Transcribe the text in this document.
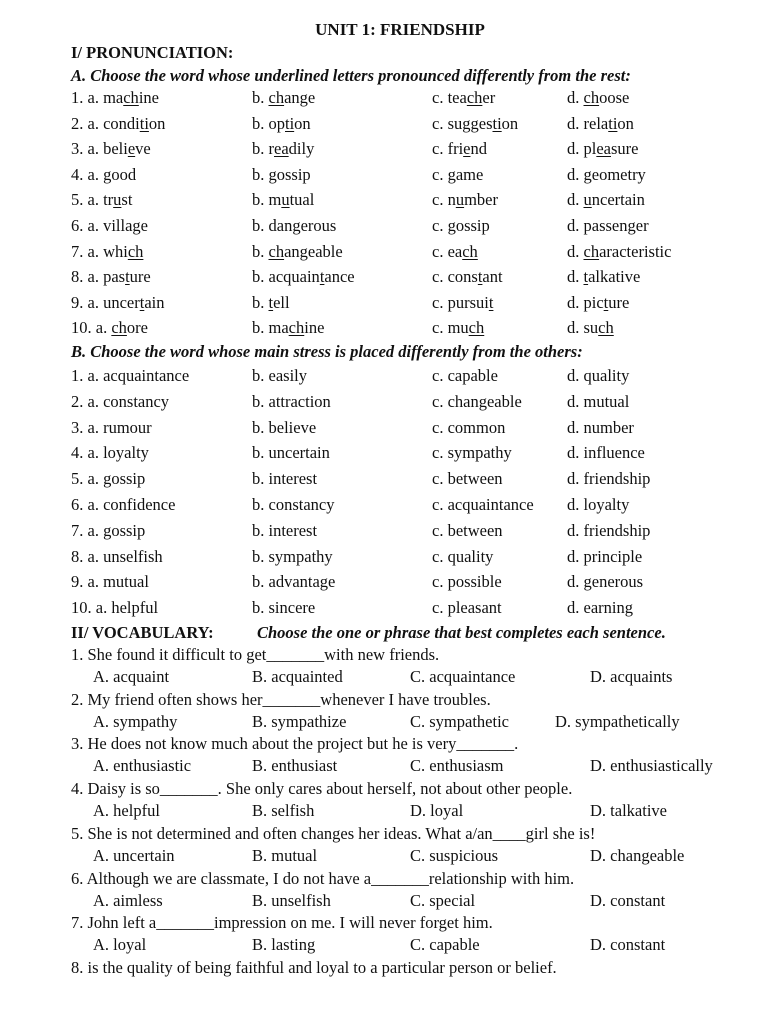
UNIT 1: FRIENDSHIP
I/ PRONUNCIATION:
A. Choose the word whose underlined letters pronounced differently from the rest:
1. a. machine	b. change	c. teacher	d. choose
2. a. condition	b. option	c. suggestion	d. relation
3. a. believe	b. readily	c. friend	d. pleasure
4. a. good	b. gossip	c. game	d. geometry
5. a. trust	b. mutual	c. number	d. uncertain
6. a. village	b. dangerous	c. gossip	d. passenger
7. a. which	b. changeable	c. each	d. characteristic
8. a. pasture	b. acquaintance	c. constant	d. talkative
9. a. uncertain	b. tell	c. pursuit	d. picture
10. a. chore	b. machine	c. much	d. such
B. Choose the word whose main stress is placed differently from the others:
1. a. acquaintance	b. easily	c. capable	d. quality
2. a. constancy	b. attraction	c. changeable	d. mutual
3. a. rumour	b. believe	c. common	d. number
4. a. loyalty	b. uncertain	c. sympathy	d. influence
5. a. gossip	b. interest	c. between	d. friendship
6. a. confidence	b. constancy	c. acquaintance d. loyalty
7. a. gossip	b. interest	c. between	d. friendship
8. a. unselfish	b. sympathy	c. quality	d. principle
9. a. mutual	b. advantage	c. possible	d. generous
10. a. helpful	b. sincere	c. pleasant	d. earning
II/ VOCABULARY:	Choose the one or phrase that best completes each sentence.
1. She found it difficult to get_______with new friends.
A. acquaint	B. acquainted	C. acquaintance	D. acquaints
2. My friend often shows her_______whenever I have troubles.
A. sympathy	B. sympathize	C. sympathetic	D. sympathetically
3. He does not know much about the project but he is very_______.
A. enthusiastic	B. enthusiast	C. enthusiasm	D. enthusiastically
4. Daisy is so_______. She only cares about herself, not about other people.
A. helpful	B. selfish	D. loyal	D. talkative
5. She is not determined and often changes her ideas. What a/an____girl she is!
A. uncertain	B. mutual	C. suspicious	D. changeable
6. Although we are classmate, I do not have a_______relationship with him.
A. aimless	B. unselfish	C. special	D. constant
7. John left a_______impression on me. I will never forget him.
A. loyal	B. lasting	C. capable	D. constant
8. is the quality of being faithful and loyal to a particular person or belief.
